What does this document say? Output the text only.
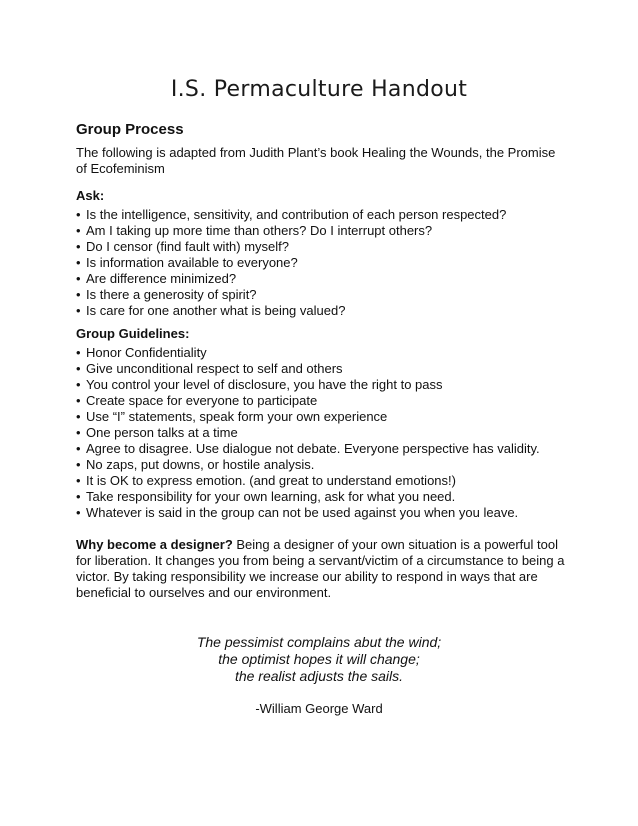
I.S. Permaculture Handout

Group Process

The following is adapted from Judith Plant’s book Healing the Wounds, the Promise of Ecofeminism

Ask:

• Is the intelligence, sensitivity, and contribution of each person respected?
• Am I taking up more time than others? Do I interrupt others?
• Do I censor (find fault with) myself?
• Is information available to everyone?
• Are difference minimized?
• Is there a generosity of spirit?
• Is care for one another what is being valued?

Group Guidelines:

• Honor Confidentiality
• Give unconditional respect to self and others
• You control your level of disclosure, you have the right to pass
• Create space for everyone to participate
• Use “I” statements, speak form your own experience
• One person talks at a time
• Agree to disagree. Use dialogue not debate. Everyone perspective has validity.
• No zaps, put downs, or hostile analysis.
• It is OK to express emotion. (and great to understand emotions!)
• Take responsibility for your own learning, ask for what you need.
• Whatever is said in the group can not be used against you when you leave.

Why become a designer? Being a designer of your own situation is a powerful tool for liberation. It changes you from being a servant/victim of a circumstance to being a victor. By taking responsibility we increase our ability to respond in ways that are beneficial to ourselves and our environment.

The pessimist complains abut the wind;
the optimist hopes it will change;
the realist adjusts the sails.
-William George Ward
